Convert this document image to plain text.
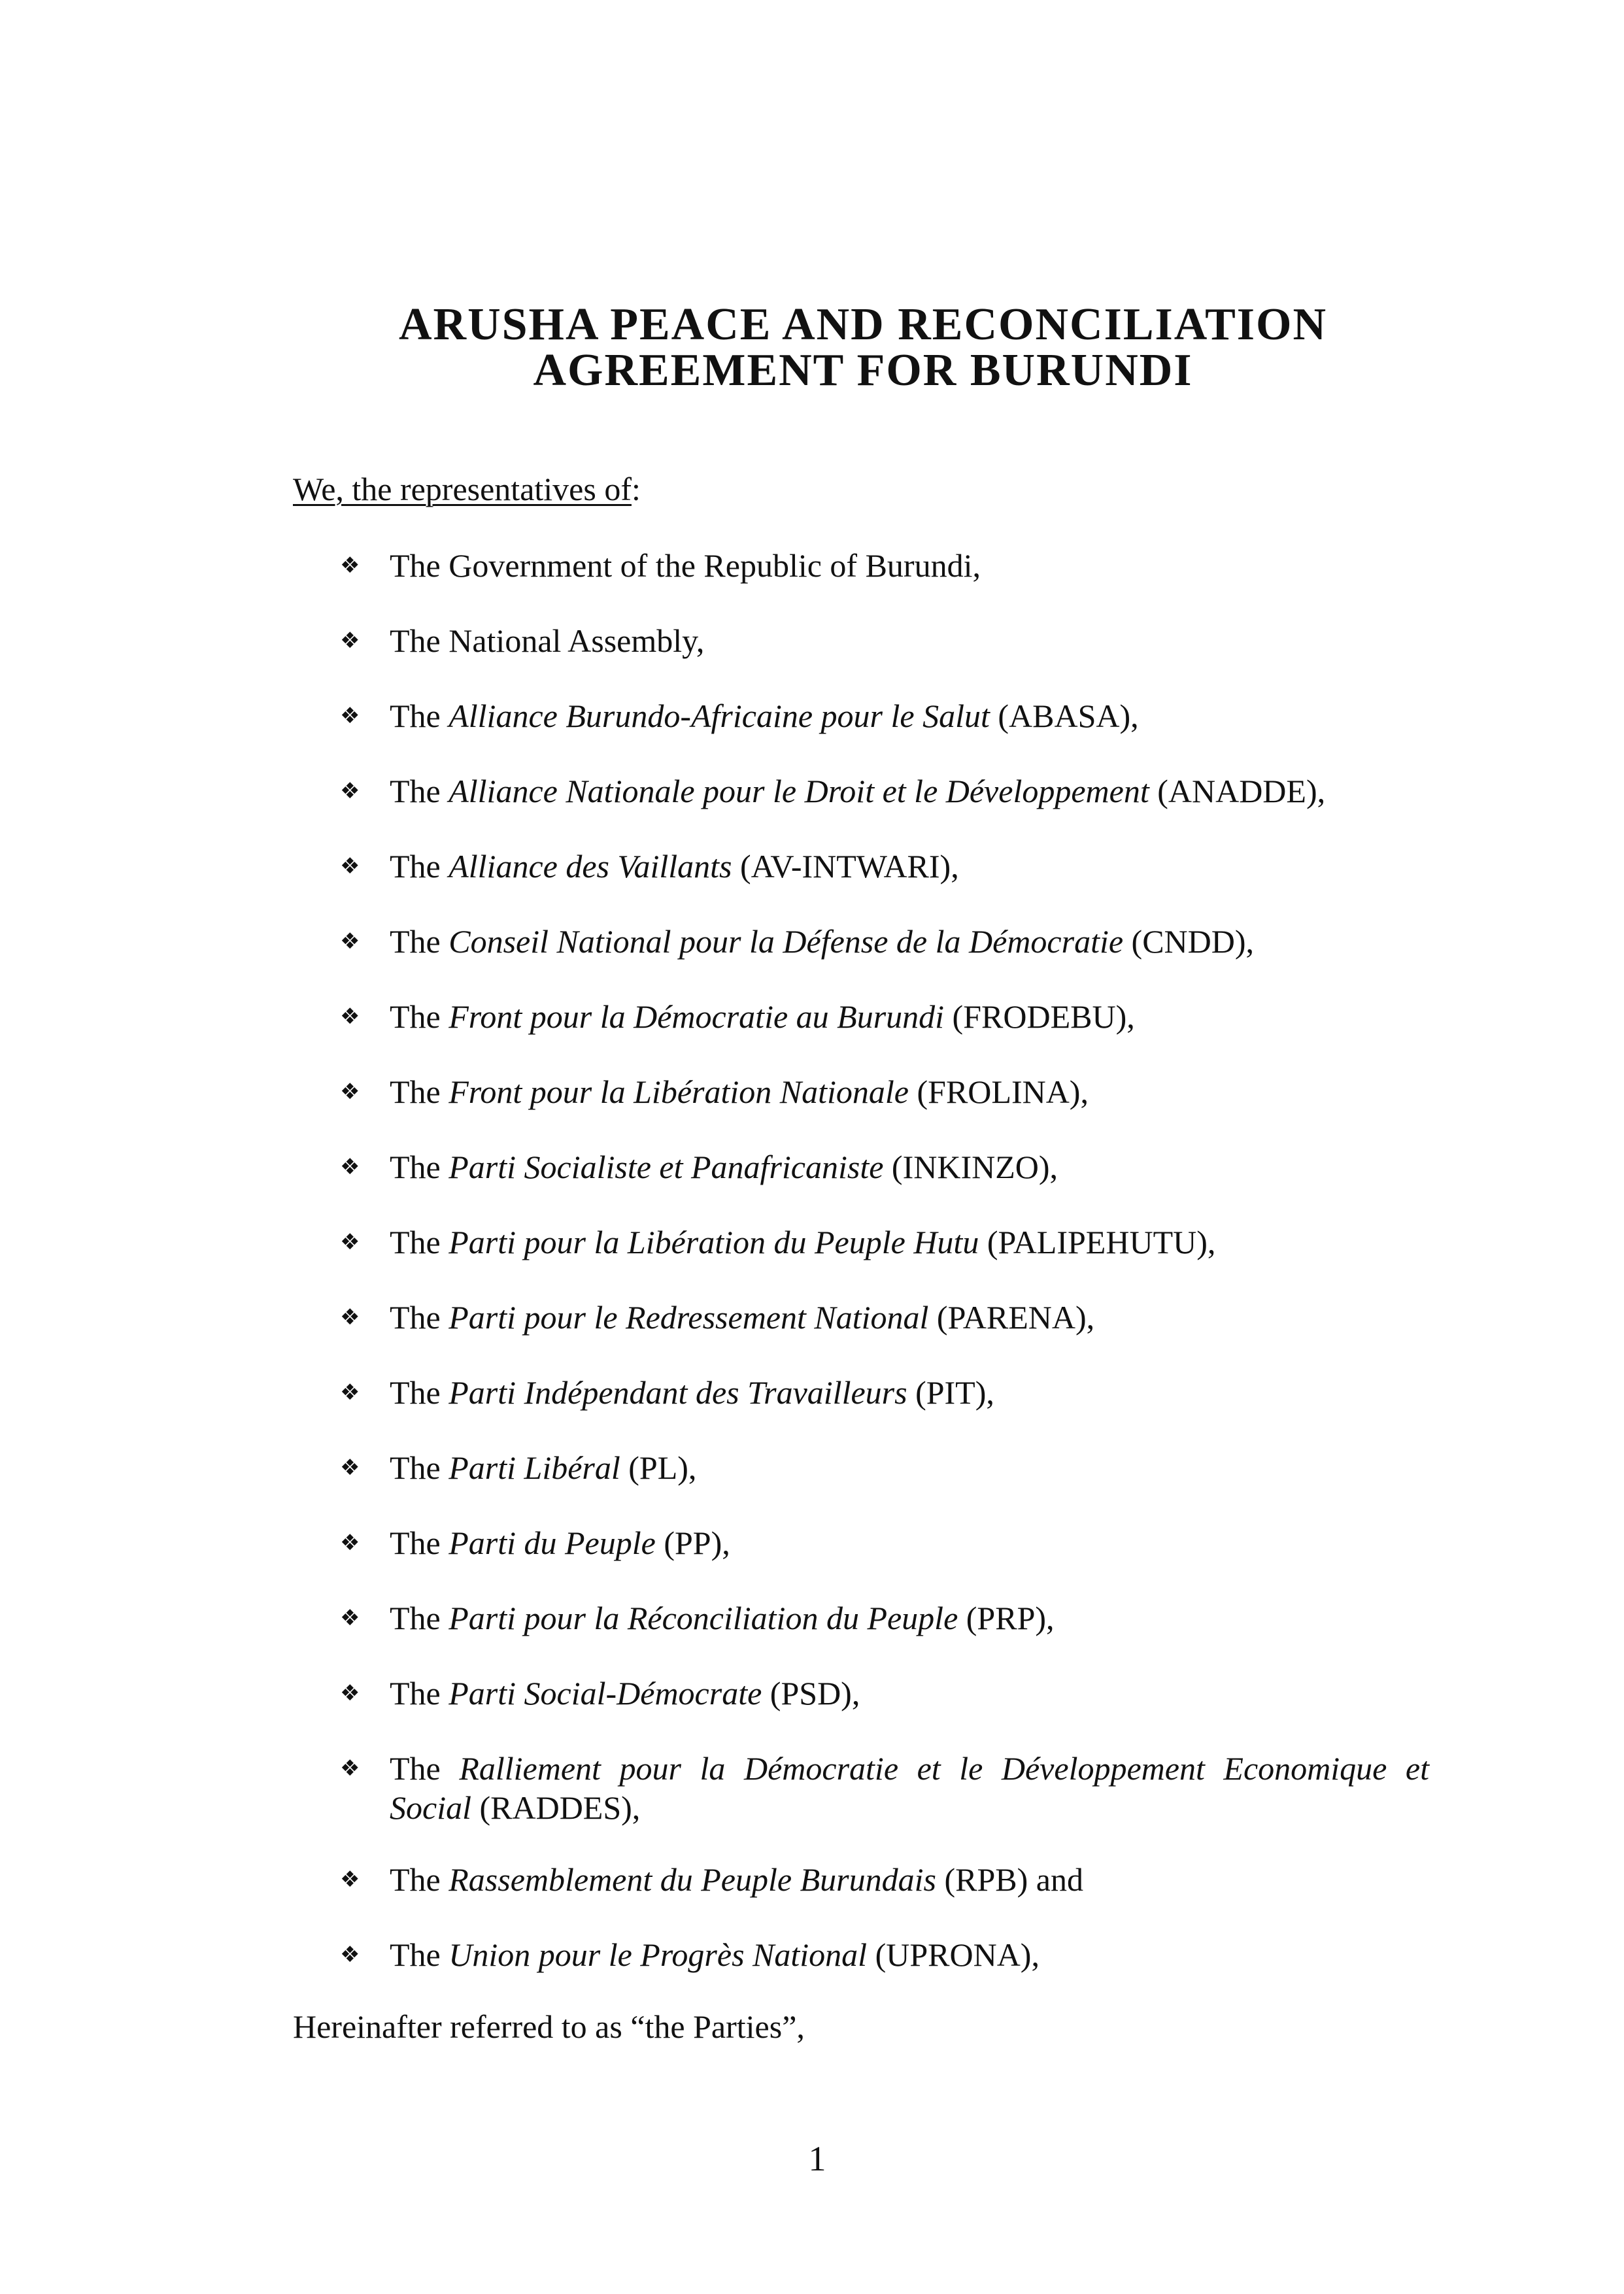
ARUSHA PEACE AND RECONCILIATION
AGREEMENT FOR BURUNDI

We, the representatives of:

❖ The Government of the Republic of Burundi,
❖ The National Assembly,
❖ The Alliance Burundo-Africaine pour le Salut (ABASA),
❖ The Alliance Nationale pour le Droit et le Développement (ANADDE),
❖ The Alliance des Vaillants (AV-INTWARI),
❖ The Conseil National pour la Défense de la Démocratie (CNDD),
❖ The Front pour la Démocratie au Burundi (FRODEBU),
❖ The Front pour la Libération Nationale (FROLINA),
❖ The Parti Socialiste et Panafricaniste (INKINZO),
❖ The Parti pour la Libération du Peuple Hutu (PALIPEHUTU),
❖ The Parti pour le Redressement National (PARENA),
❖ The Parti Indépendant des Travailleurs (PIT),
❖ The Parti Libéral (PL),
❖ The Parti du Peuple (PP),
❖ The Parti pour la Réconciliation du Peuple (PRP),
❖ The Parti Social-Démocrate (PSD),
❖ The Ralliement pour la Démocratie et le Développement Economique et
Social (RADDES),
❖ The Rassemblement du Peuple Burundais (RPB) and
❖ The Union pour le Progrès National (UPRONA),

Hereinafter referred to as “the Parties”,

1
